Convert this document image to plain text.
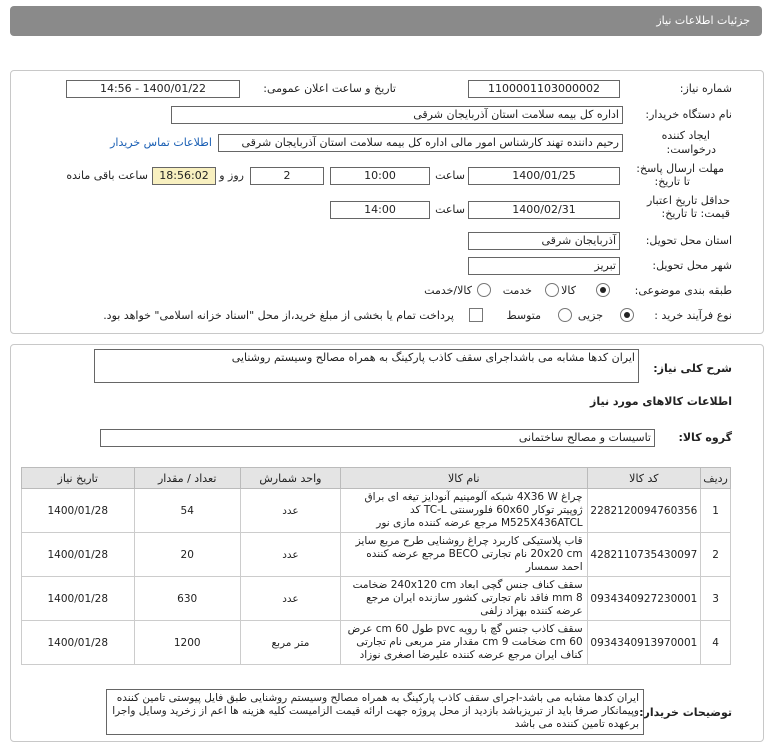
جزئیات اطلاعات نیاز
شماره نیاز:
1100001103000002
تاریخ و ساعت اعلان عمومی:
1400/01/22 - 14:56
نام دستگاه خریدار:
اداره کل بیمه سلامت استان آذربایجان شرقی
ایجاد کننده
درخواست:
رحیم داننده تهند کارشناس امور مالی اداره کل بیمه سلامت استان آذربایجان شرقی
اطلاعات تماس خریدار
مهلت ارسال پاسخ:
تا تاریخ:
1400/01/25
ساعت
10:00
2
روز و
18:56:02
ساعت باقی مانده
حداقل تاریخ اعتبار
قیمت: تا تاریخ:
1400/02/31
ساعت
14:00
استان محل تحویل:
آذربایجان شرقی
شهر محل تحویل:
تبریز
طبقه بندی موضوعی:
کالا
خدمت
کالا/خدمت
نوع فرآیند خرید :
جزیی
متوسط
پرداخت تمام یا بخشی از مبلغ خرید،از محل "اسناد خزانه اسلامی" خواهد بود.
شرح کلی نیاز:
ایران کدها مشابه می باشداجرای سقف کاذب پارکینگ به همراه مصالح وسیستم روشنایی
اطلاعات کالاهای مورد نیاز
گروه کالا:
تاسیسات و مصالح ساختمانی
ردیف	کد کالا	نام کالا	واحد شمارش	تعداد / مقدار	تاریخ نیاز
1	2282120094760356	چراغ 4X36 W شبکه آلومینیم آنودایز تیغه ای براق ژوپیتر توکار 60x60 فلورسنتی TC-L کد M525X436ATCL مرجع عرضه کننده مازی نور	عدد	54	1400/01/28
2	4282110735430097	قاب پلاستیکی کاربرد چراغ روشنایی طرح مربع سایز 20x20 cm نام تجارتی BECO مرجع عرضه کننده احمد سمسار	عدد	20	1400/01/28
3	0934340927230001	سقف کناف جنس گچی ابعاد 240x120 cm ضخامت 8 mm فاقد نام تجارتی کشور سازنده ایران مرجع عرضه کننده بهزاد زلفی	عدد	630	1400/01/28
4	0934340913970001	سقف کاذب جنس گچ با رویه pvc طول 60 cm عرض 60 cm ضخامت 9 cm مقدار متر مربعی نام تجارتی کناف ایران مرجع عرضه کننده علیرضا اصغری نوزاد	متر مربع	1200	1400/01/28
توضیحات خریدار:
ایران کدها مشابه می باشد-اجرای سقف کاذب پارکینگ به همراه مصالح وسیستم روشنایی طبق فایل پیوستی تامین کننده وپیمانکار صرفا باید از تبریزباشد بازدید از محل پروژه جهت ارائه قیمت الزامیست کلیه هزینه ها اعم از زخرید وسایل واجرا برعهده تامین کننده می باشد
